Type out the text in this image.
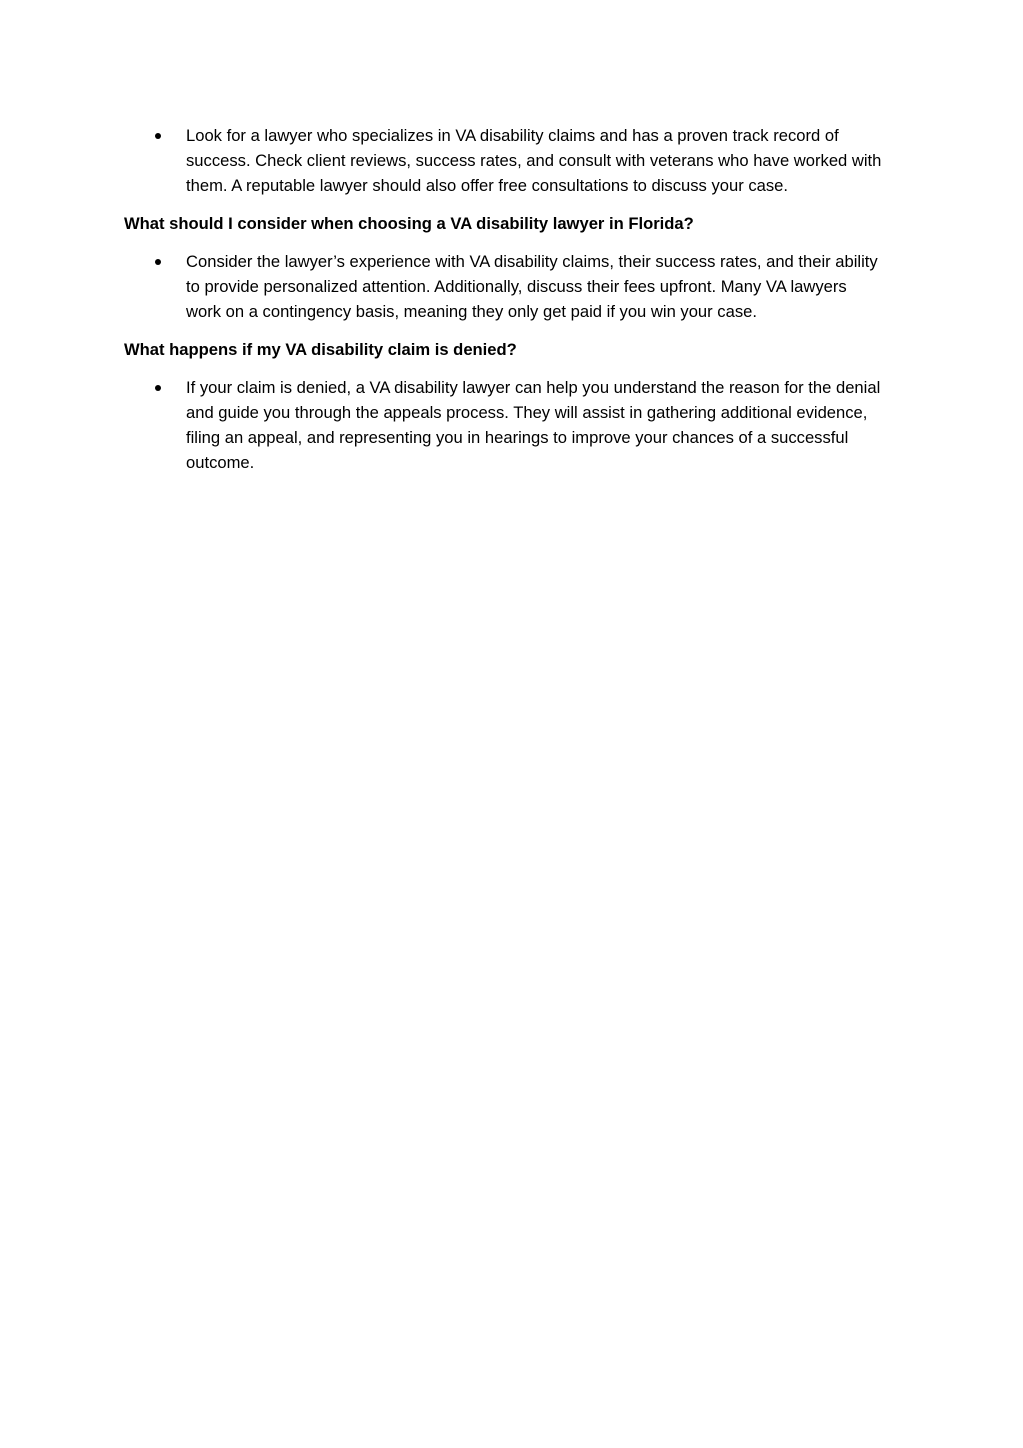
Look for a lawyer who specializes in VA disability claims and has a proven track record of success. Check client reviews, success rates, and consult with veterans who have worked with them. A reputable lawyer should also offer free consultations to discuss your case.
What should I consider when choosing a VA disability lawyer in Florida?
Consider the lawyer’s experience with VA disability claims, their success rates, and their ability to provide personalized attention. Additionally, discuss their fees upfront. Many VA lawyers work on a contingency basis, meaning they only get paid if you win your case.
What happens if my VA disability claim is denied?
If your claim is denied, a VA disability lawyer can help you understand the reason for the denial and guide you through the appeals process. They will assist in gathering additional evidence, filing an appeal, and representing you in hearings to improve your chances of a successful outcome.
